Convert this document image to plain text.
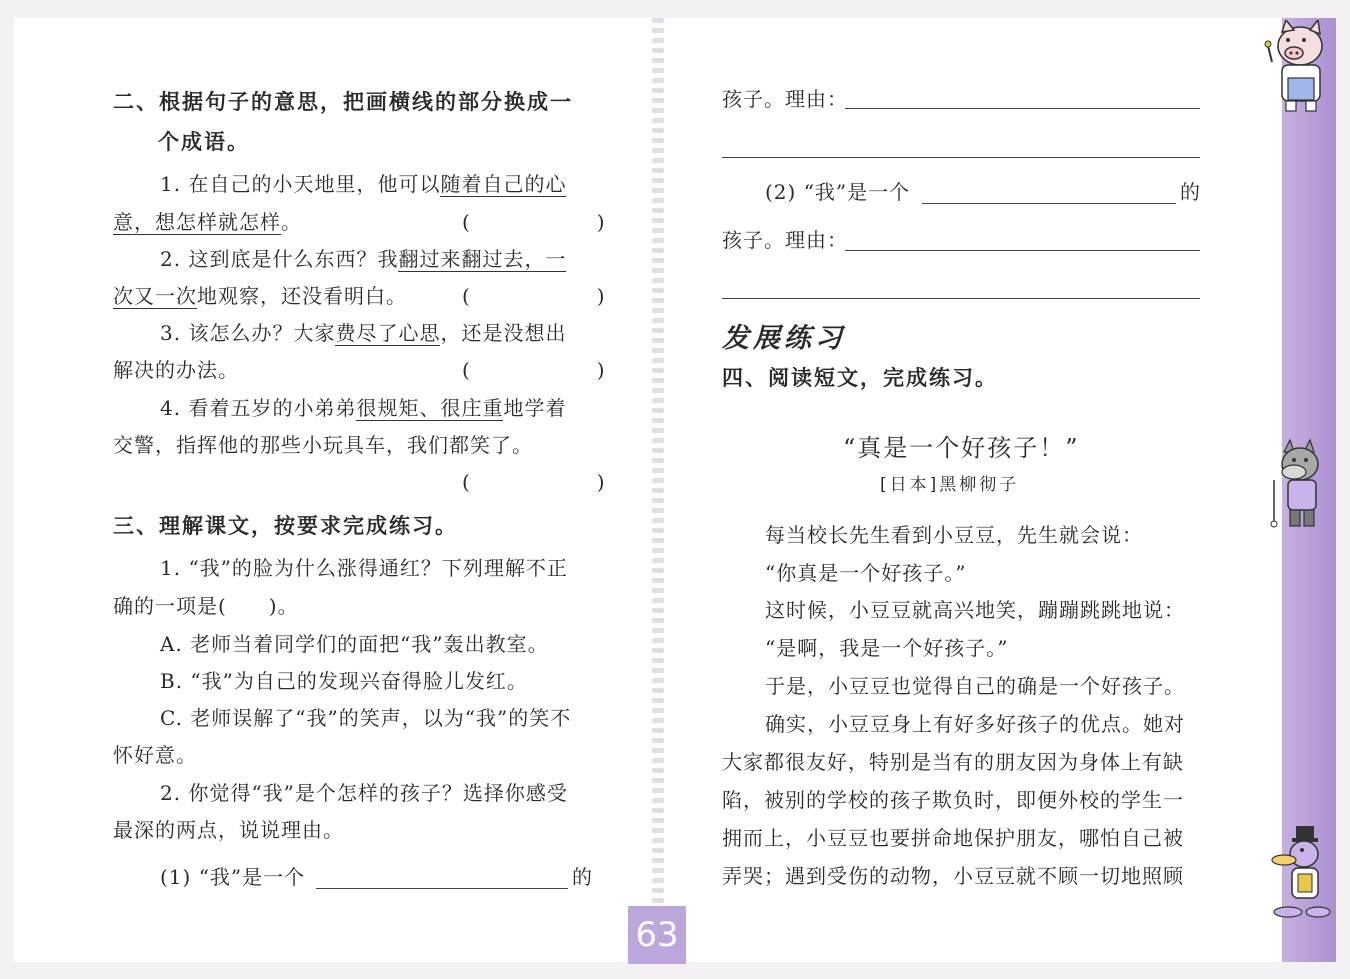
二、根据句子的意思，把画横线的部分换成一
个成语。
1. 在自己的小天地里，他可以随着自己的心
意，想怎样就怎样。	(　　　　　　)
2. 这到底是什么东西？我翻过来翻过去，一
次又一次地观察，还没看明白。	(　　　　　　)
3. 该怎么办？大家费尽了心思，还是没想出
解决的办法。	(　　　　　　)
4. 看着五岁的小弟弟很规矩、很庄重地学着
交警，指挥他的那些小玩具车，我们都笑了。
(　　　　　　)
三、理解课文，按要求完成练习。
1. “我”的脸为什么涨得通红？下列理解不正
确的一项是(　　)。
A. 老师当着同学们的面把“我”轰出教室。
B. “我”为自己的发现兴奋得脸儿发红。
C. 老师误解了“我”的笑声，以为“我”的笑不
怀好意。
2. 你觉得“我”是个怎样的孩子？选择你感受
最深的两点，说说理由。
(1) “我”是一个	的
孩子。理由：
(2) “我”是一个	的
孩子。理由：
发展练习
四、阅读短文，完成练习。
“真是一个好孩子！”
[日本]黑柳彻子
每当校长先生看到小豆豆，先生就会说：
“你真是一个好孩子。”
这时候，小豆豆就高兴地笑，蹦蹦跳跳地说：
“是啊，我是一个好孩子。”
于是，小豆豆也觉得自己的确是一个好孩子。
确实，小豆豆身上有好多好孩子的优点。她对
大家都很友好，特别是当有的朋友因为身体上有缺
陷，被别的学校的孩子欺负时，即便外校的学生一
拥而上，小豆豆也要拼命地保护朋友，哪怕自己被
弄哭；遇到受伤的动物，小豆豆就不顾一切地照顾
63
